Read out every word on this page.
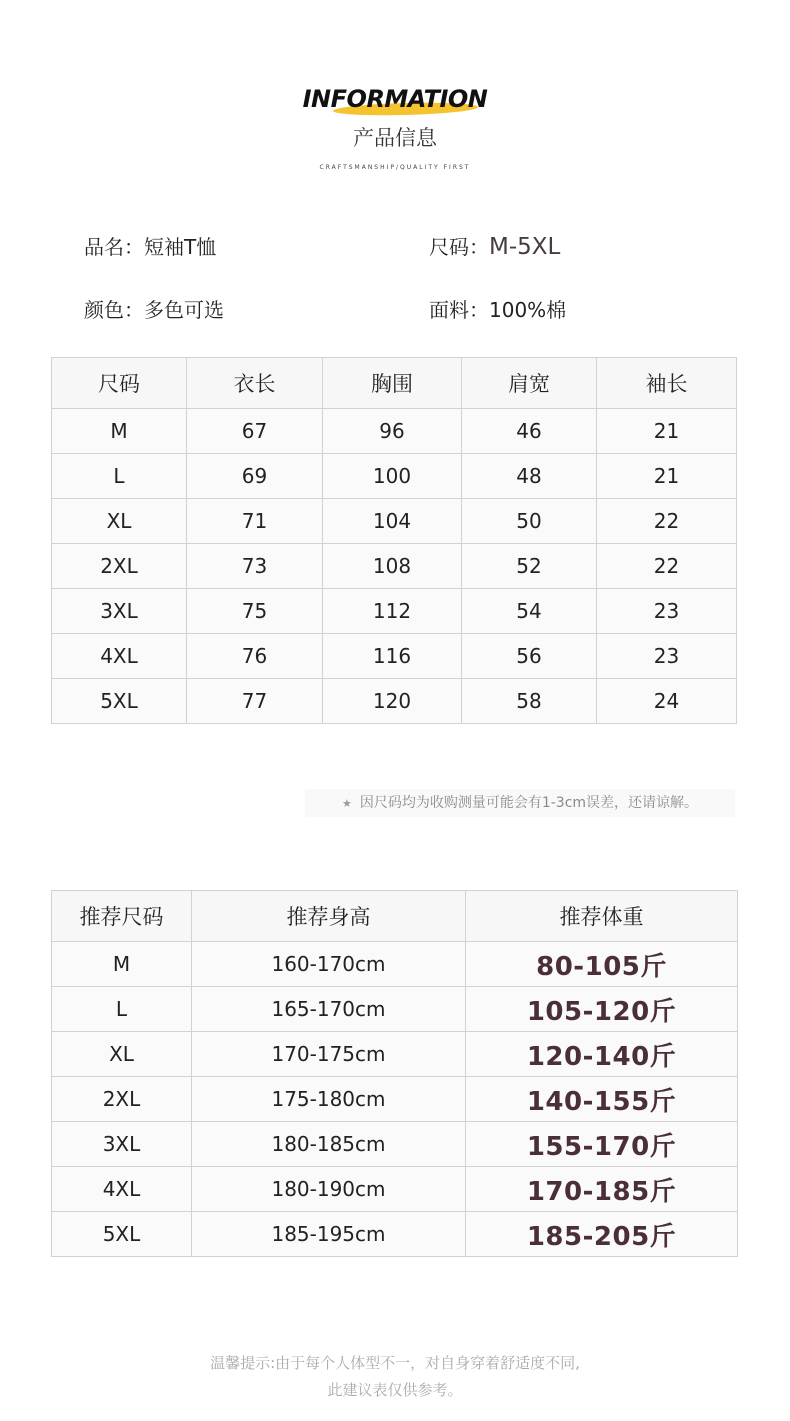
INFORMATION
产品信息
CRAFTSMANSHIP/QUALITY FIRST
品名：短袖T恤	尺码：M-5XL
颜色：多色可选	面料：100%棉
尺码	衣长	胸围	肩宽	袖长
M	67	96	46	21
L	69	100	48	21
XL	71	104	50	22
2XL	73	108	52	22
3XL	75	112	54	23
4XL	76	116	56	23
5XL	77	120	58	24
★ 因尺码均为收购测量可能会有1-3cm误差，还请谅解。
推荐尺码	推荐身高	推荐体重
M	160-170cm	80-105斤
L	165-170cm	105-120斤
XL	170-175cm	120-140斤
2XL	175-180cm	140-155斤
3XL	180-185cm	155-170斤
4XL	180-190cm	170-185斤
5XL	185-195cm	185-205斤
温馨提示:由于每个人体型不一，对自身穿着舒适度不同,
此建议表仅供参考。
